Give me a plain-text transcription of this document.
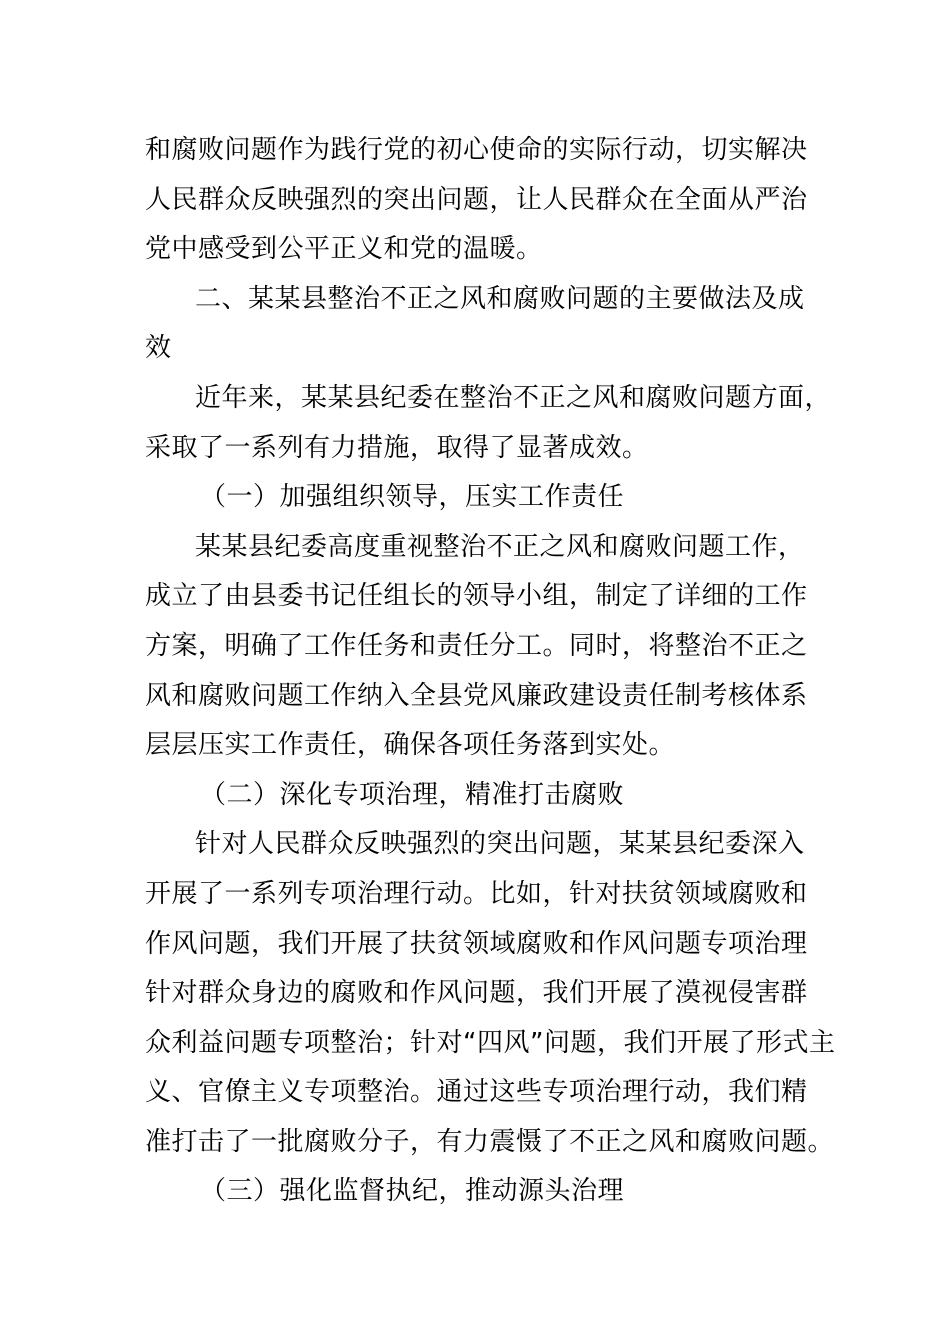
和腐败问题作为践行党的初心使命的实际行动，切实解决
人民群众反映强烈的突出问题，让人民群众在全面从严治
党中感受到公平正义和党的温暖。
二、某某县整治不正之风和腐败问题的主要做法及成
效
近年来，某某县纪委在整治不正之风和腐败问题方面，
采取了一系列有力措施，取得了显著成效。
（一）加强组织领导，压实工作责任
某某县纪委高度重视整治不正之风和腐败问题工作，
成立了由县委书记任组长的领导小组，制定了详细的工作
方案，明确了工作任务和责任分工。同时，将整治不正之
风和腐败问题工作纳入全县党风廉政建设责任制考核体系
层层压实工作责任，确保各项任务落到实处。
（二）深化专项治理，精准打击腐败
针对人民群众反映强烈的突出问题，某某县纪委深入
开展了一系列专项治理行动。比如，针对扶贫领域腐败和
作风问题，我们开展了扶贫领域腐败和作风问题专项治理
针对群众身边的腐败和作风问题，我们开展了漠视侵害群
众利益问题专项整治；针对“四风”问题，我们开展了形式主
义、官僚主义专项整治。通过这些专项治理行动，我们精
准打击了一批腐败分子，有力震慑了不正之风和腐败问题。
（三）强化监督执纪，推动源头治理
